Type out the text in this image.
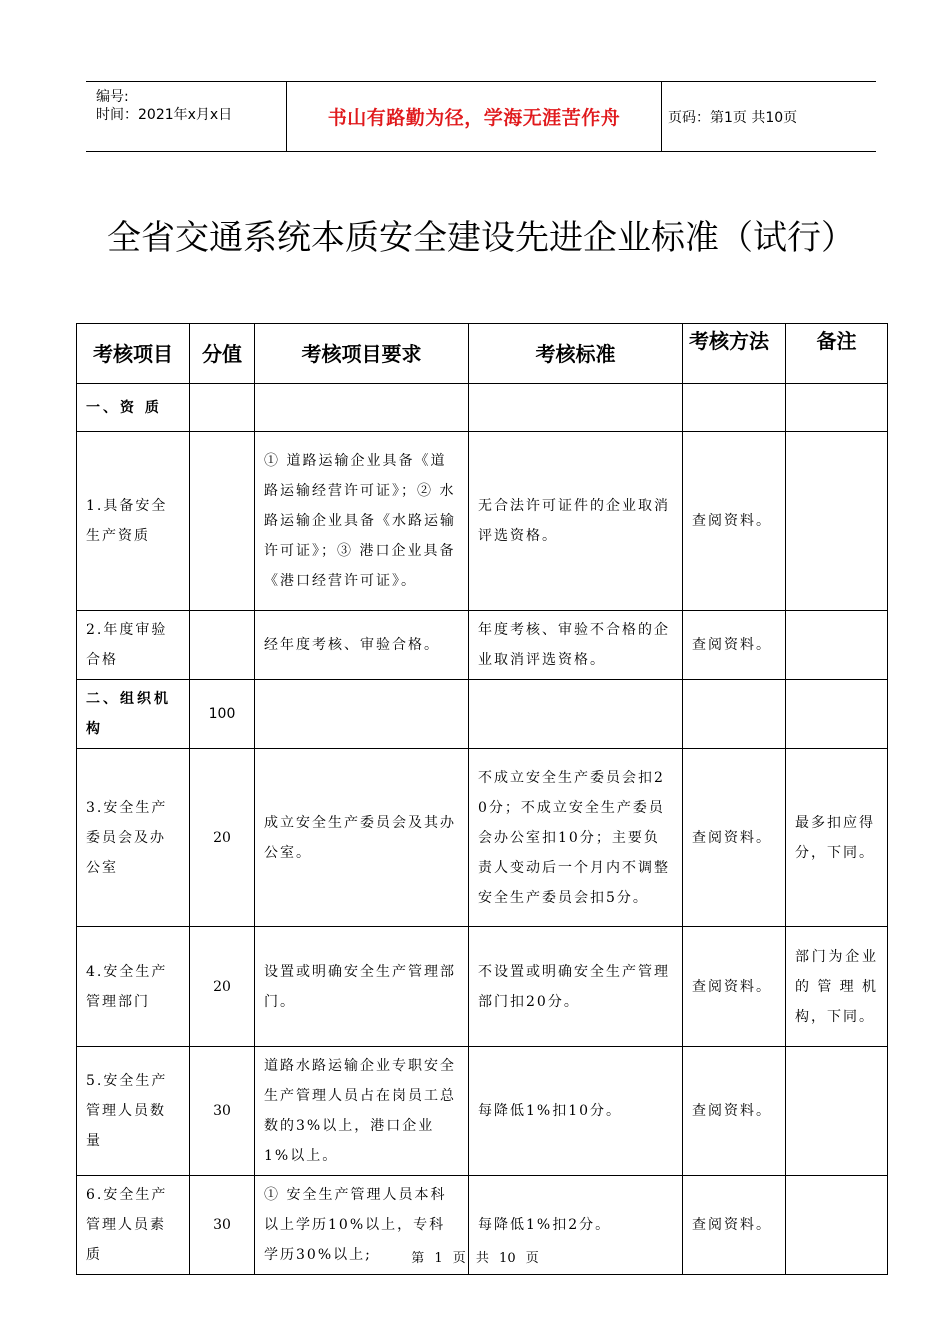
编号:
时间：2021年x月x日	书山有路勤为径，学海无涯苦作舟	页码：第1页 共10页
全省交通系统本质安全建设先进企业标准（试行）
考核项目	分值	考核项目要求	考核标准	考核方法	备注
一、资 质					
1.具备安全生产资质		① 道路运输企业具备《道路运输经营许可证》；② 水路运输企业具备《水路运输许可证》；③ 港口企业具备《港口经营许可证》。	无合法许可证件的企业取消评选资格。	查阅资料。	
2.年度审验合格		经年度考核、审验合格。	年度考核、审验不合格的企业取消评选资格。	查阅资料。	
二、组织机构	100				
3.安全生产委员会及办公室	20	成立安全生产委员会及其办公室。	不成立安全生产委员会扣20分；不成立安全生产委员会办公室扣10分；主要负责人变动后一个月内不调整安全生产委员会扣5分。	查阅资料。	最多扣应得分，下同。
4.安全生产管理部门	20	设置或明确安全生产管理部门。	不设置或明确安全生产管理部门扣20分。	查阅资料。	部门为企业的管理机构，下同。
5.安全生产管理人员数量	30	道路水路运输企业专职安全生产管理人员占在岗员工总数的3%以上，港口企业1%以上。	每降低1%扣10分。	查阅资料。	
6.安全生产管理人员素质	30	① 安全生产管理人员本科以上学历10%以上，专科学历30%以上;	每降低1%扣2分。	查阅资料。	
第 1 页 共 10 页
